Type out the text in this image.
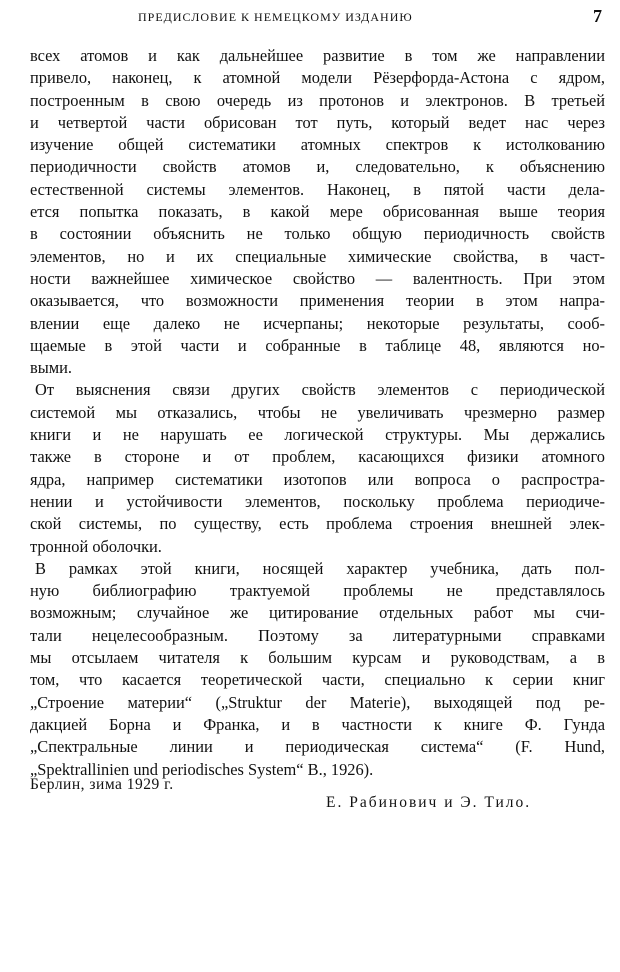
ПРЕДИСЛОВИЕ К НЕМЕЦКОМУ ИЗДАНИЮ	7
всех атомов и как дальнейшее развитие в том же направлении
привело, наконец, к атомной модели Рёзерфорда-Астона с ядром,
построенным в свою очередь из протонов и электронов. В третьей
и четвертой части обрисован тот путь, который ведет нас через
изучение общей систематики атомных спектров к истолкованию
периодичности свойств атомов и, следовательно, к объяснению
естественной системы элементов. Наконец, в пятой части дела-
ется попытка показать, в какой мере обрисованная выше теория
в состоянии объяснить не только общую периодичность свойств
элементов, но и их специальные химические свойства, в част-
ности важнейшее химическое свойство — валентность. При этом
оказывается, что возможности применения теории в этом напра-
влении еще далеко не исчерпаны; некоторые результаты, сооб-
щаемые в этой части и собранные в таблице 48, являются но-
выми.
От выяснения связи других свойств элементов с периодической
системой мы отказались, чтобы не увеличивать чрезмерно размер
книги и не нарушать ее логической структуры. Мы держались
также в стороне и от проблем, касающихся физики атомного
ядра, например систематики изотопов или вопроса о распростра-
нении и устойчивости элементов, поскольку проблема периодиче-
ской системы, по существу, есть проблема строения внешней элек-
тронной оболочки.
В рамках этой книги, носящей характер учебника, дать пол-
ную библиографию трактуемой проблемы не представлялось
возможным; случайное же цитирование отдельных работ мы счи-
тали нецелесообразным. Поэтому за литературными справками
мы отсылаем читателя к большим курсам и руководствам, а в
том, что касается теоретической части, специально к серии книг
„Строение материи“ („Struktur der Materie), выходящей под ре-
дакцией Борна и Франка, и в частности к книге Ф. Гунда
„Спектральные линии и периодическая система“ (F. Hund,
„Spektrallinien und periodisches System“ B., 1926).
Берлин, зима 1929 г.
Е. Рабинович и Э. Тило.
